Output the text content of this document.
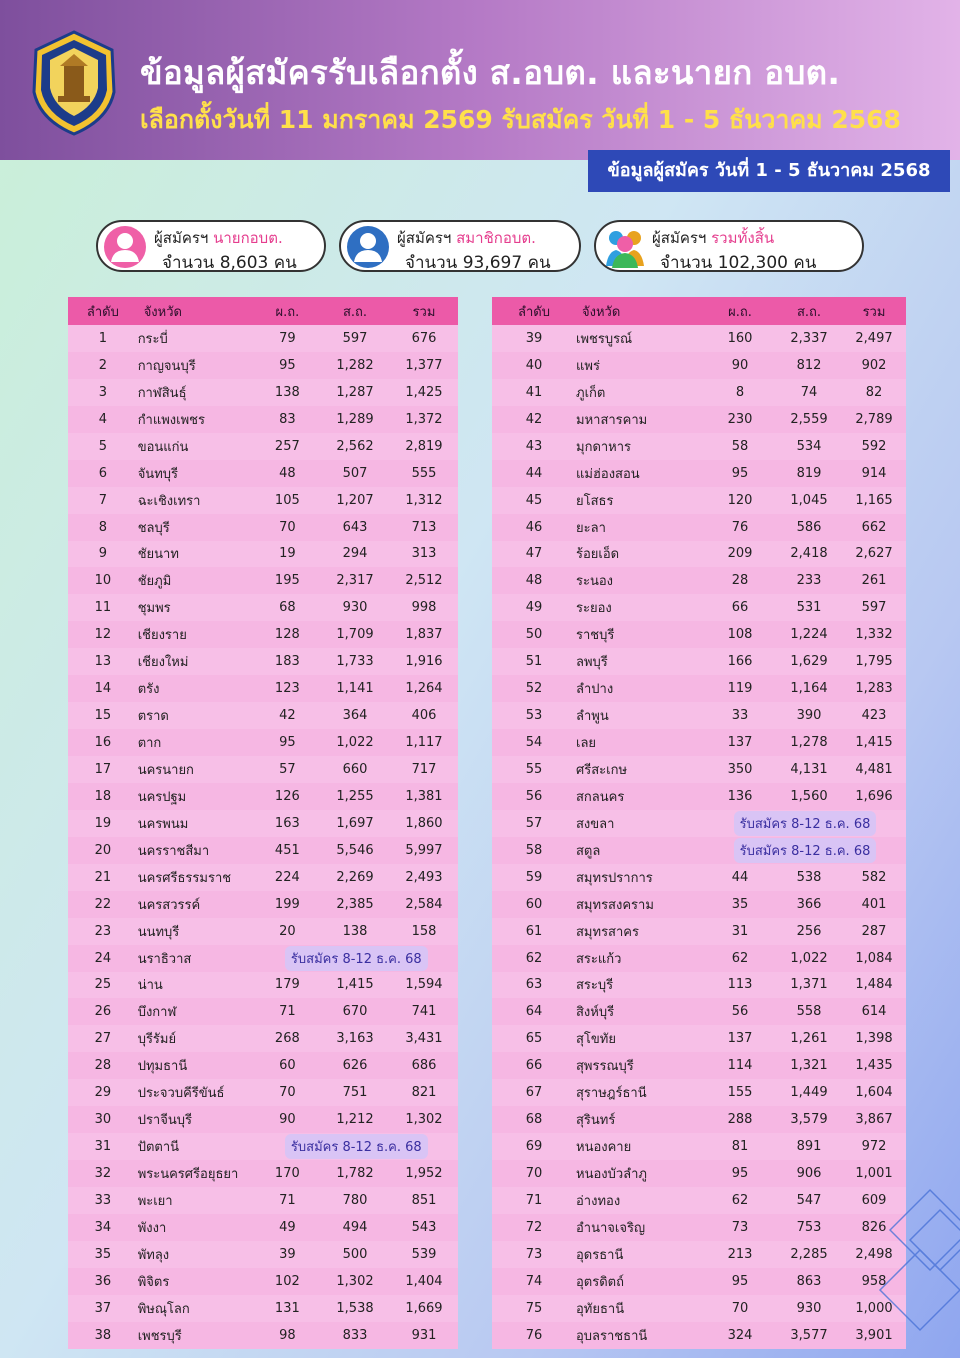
ข้อมูลผู้สมัครรับเลือกตั้ง ส.อบต. และนายก อบต.
เลือกตั้งวันที่ 11 มกราคม 2569 รับสมัคร วันที่ 1 - 5 ธันวาคม 2568
ข้อมูลผู้สมัคร วันที่ 1 - 5 ธันวาคม 2568
ผู้สมัครฯ นายกอบต.
จำนวน 8,603 คน
ผู้สมัครฯ สมาชิกอบต.
จำนวน 93,697 คน
ผู้สมัครฯ รวมทั้งสิ้น
จำนวน 102,300 คน
ลำดับ	จังหวัด	ผ.ถ.	ส.ถ.	รวม
1	กระบี่	79	597	676
2	กาญจนบุรี	95	1,282	1,377
3	กาฬสินธุ์	138	1,287	1,425
4	กำแพงเพชร	83	1,289	1,372
5	ขอนแก่น	257	2,562	2,819
6	จันทบุรี	48	507	555
7	ฉะเชิงเทรา	105	1,207	1,312
8	ชลบุรี	70	643	713
9	ชัยนาท	19	294	313
10	ชัยภูมิ	195	2,317	2,512
11	ชุมพร	68	930	998
12	เชียงราย	128	1,709	1,837
13	เชียงใหม่	183	1,733	1,916
14	ตรัง	123	1,141	1,264
15	ตราด	42	364	406
16	ตาก	95	1,022	1,117
17	นครนายก	57	660	717
18	นครปฐม	126	1,255	1,381
19	นครพนม	163	1,697	1,860
20	นครราชสีมา	451	5,546	5,997
21	นครศรีธรรมราช	224	2,269	2,493
22	นครสวรรค์	199	2,385	2,584
23	นนทบุรี	20	138	158
24	นราธิวาส	รับสมัคร 8-12 ธ.ค. 68		
25	น่าน	179	1,415	1,594
26	บึงกาฬ	71	670	741
27	บุรีรัมย์	268	3,163	3,431
28	ปทุมธานี	60	626	686
29	ประจวบคีรีขันธ์	70	751	821
30	ปราจีนบุรี	90	1,212	1,302
31	ปัตตานี	รับสมัคร 8-12 ธ.ค. 68		
32	พระนครศรีอยุธยา	170	1,782	1,952
33	พะเยา	71	780	851
34	พังงา	49	494	543
35	พัทลุง	39	500	539
36	พิจิตร	102	1,302	1,404
37	พิษณุโลก	131	1,538	1,669
38	เพชรบุรี	98	833	931
ลำดับ	จังหวัด	ผ.ถ.	ส.ถ.	รวม
39	เพชรบูรณ์	160	2,337	2,497
40	แพร่	90	812	902
41	ภูเก็ต	8	74	82
42	มหาสารคาม	230	2,559	2,789
43	มุกดาหาร	58	534	592
44	แม่ฮ่องสอน	95	819	914
45	ยโสธร	120	1,045	1,165
46	ยะลา	76	586	662
47	ร้อยเอ็ด	209	2,418	2,627
48	ระนอง	28	233	261
49	ระยอง	66	531	597
50	ราชบุรี	108	1,224	1,332
51	ลพบุรี	166	1,629	1,795
52	ลำปาง	119	1,164	1,283
53	ลำพูน	33	390	423
54	เลย	137	1,278	1,415
55	ศรีสะเกษ	350	4,131	4,481
56	สกลนคร	136	1,560	1,696
57	สงขลา	รับสมัคร 8-12 ธ.ค. 68		
58	สตูล	รับสมัคร 8-12 ธ.ค. 68		
59	สมุทรปราการ	44	538	582
60	สมุทรสงคราม	35	366	401
61	สมุทรสาคร	31	256	287
62	สระแก้ว	62	1,022	1,084
63	สระบุรี	113	1,371	1,484
64	สิงห์บุรี	56	558	614
65	สุโขทัย	137	1,261	1,398
66	สุพรรณบุรี	114	1,321	1,435
67	สุราษฎร์ธานี	155	1,449	1,604
68	สุรินทร์	288	3,579	3,867
69	หนองคาย	81	891	972
70	หนองบัวลำภู	95	906	1,001
71	อ่างทอง	62	547	609
72	อำนาจเจริญ	73	753	826
73	อุดรธานี	213	2,285	2,498
74	อุตรดิตถ์	95	863	958
75	อุทัยธานี	70	930	1,000
76	อุบลราชธานี	324	3,577	3,901
